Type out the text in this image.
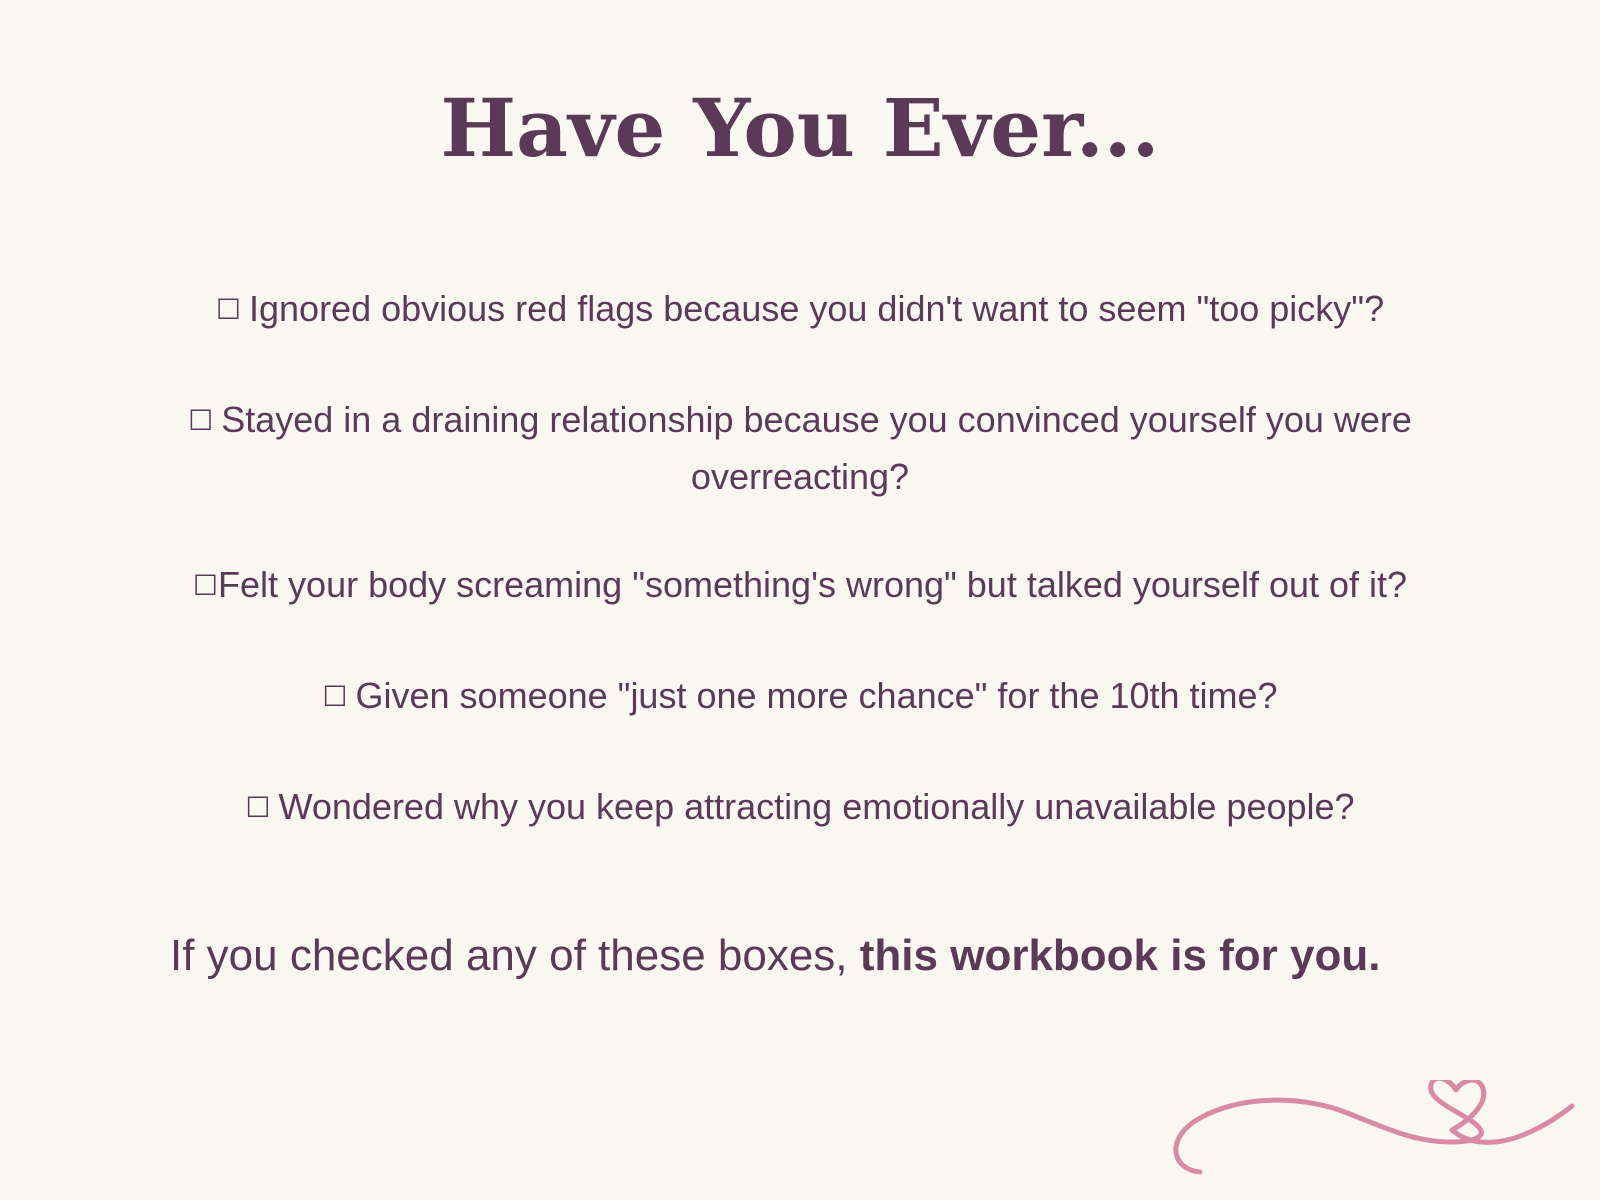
Have You Ever...
☐ Ignored obvious red flags because you didn't want to seem "too picky"?
☐ Stayed in a draining relationship because you convinced yourself you were overreacting?
☐Felt your body screaming "something's wrong" but talked yourself out of it?
☐ Given someone "just one more chance" for the 10th time?
☐ Wondered why you keep attracting emotionally unavailable people?

If you checked any of these boxes, this workbook is for you.
